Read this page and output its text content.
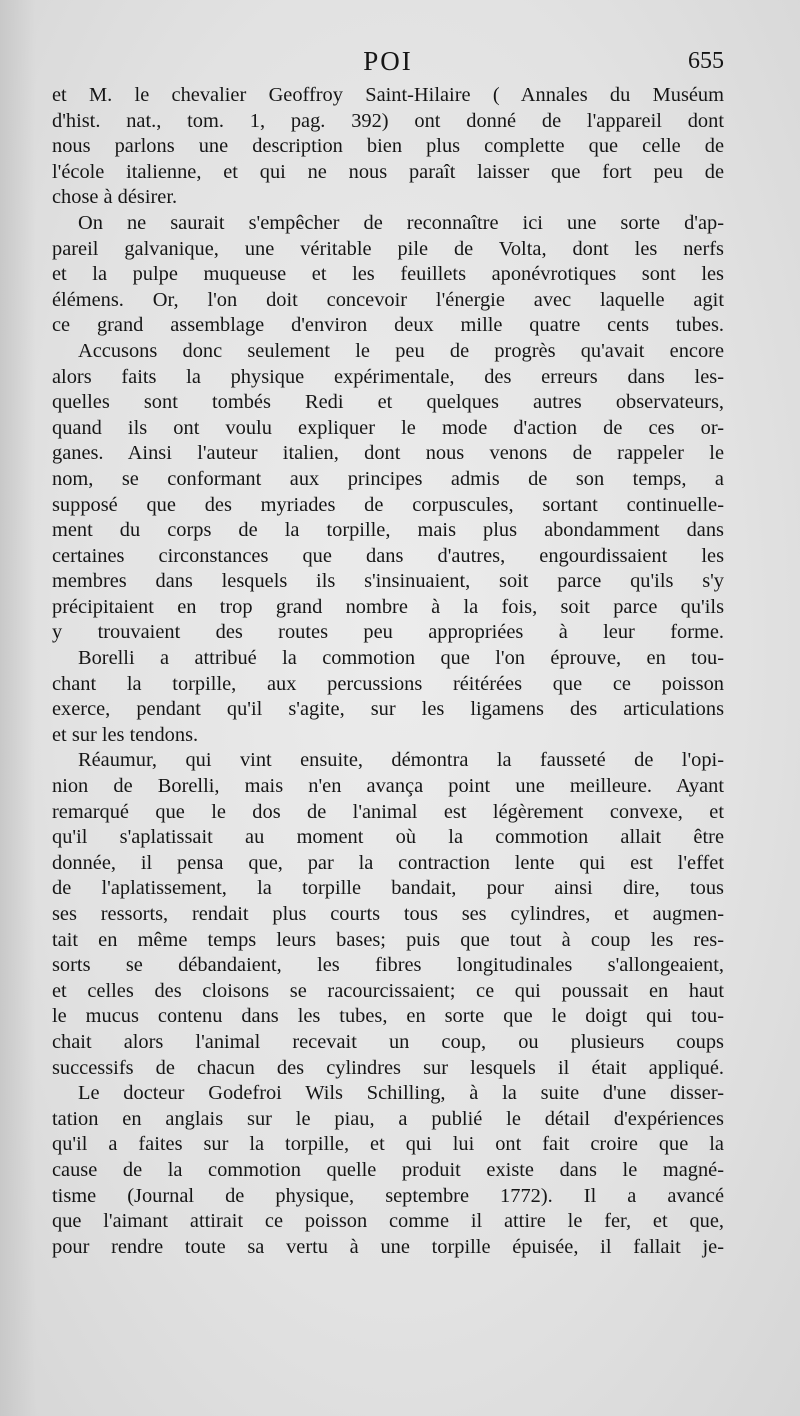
POI	655

et M. le chevalier Geoffroy Saint-Hilaire ( Annales du Muséum
d'hist. nat., tom. 1, pag. 392) ont donné de l'appareil dont
nous parlons une description bien plus complette que celle de
l'école italienne, et qui ne nous paraît laisser que fort peu de
chose à désirer.

On ne saurait s'empêcher de reconnaître ici une sorte d'ap-
pareil galvanique, une véritable pile de Volta, dont les nerfs
et la pulpe muqueuse et les feuillets aponévrotiques sont les
élémens. Or, l'on doit concevoir l'énergie avec laquelle agit
ce grand assemblage d'environ deux mille quatre cents tubes.

Accusons donc seulement le peu de progrès qu'avait encore
alors faits la physique expérimentale, des erreurs dans les-
quelles sont tombés Redi et quelques autres observateurs,
quand ils ont voulu expliquer le mode d'action de ces or-
ganes. Ainsi l'auteur italien, dont nous venons de rappeler le
nom, se conformant aux principes admis de son temps, a
supposé que des myriades de corpuscules, sortant continuelle-
ment du corps de la torpille, mais plus abondamment dans
certaines circonstances que dans d'autres, engourdissaient les
membres dans lesquels ils s'insinuaient, soit parce qu'ils s'y
précipitaient en trop grand nombre à la fois, soit parce qu'ils
y trouvaient des routes peu appropriées à leur forme.

Borelli a attribué la commotion que l'on éprouve, en tou-
chant la torpille, aux percussions réitérées que ce poisson
exerce, pendant qu'il s'agite, sur les ligamens des articulations
et sur les tendons.

Réaumur, qui vint ensuite, démontra la fausseté de l'opi-
nion de Borelli, mais n'en avança point une meilleure. Ayant
remarqué que le dos de l'animal est légèrement convexe, et
qu'il s'aplatissait au moment où la commotion allait être
donnée, il pensa que, par la contraction lente qui est l'effet
de l'aplatissement, la torpille bandait, pour ainsi dire, tous
ses ressorts, rendait plus courts tous ses cylindres, et augmen-
tait en même temps leurs bases; puis que tout à coup les res-
sorts se débandaient, les fibres longitudinales s'allongeaient,
et celles des cloisons se racourcissaient; ce qui poussait en haut
le mucus contenu dans les tubes, en sorte que le doigt qui tou-
chait alors l'animal recevait un coup, ou plusieurs coups
successifs de chacun des cylindres sur lesquels il était appliqué.

Le docteur Godefroi Wils Schilling, à la suite d'une disser-
tation en anglais sur le piau, a publié le détail d'expériences
qu'il a faites sur la torpille, et qui lui ont fait croire que la
cause de la commotion quelle produit existe dans le magné-
tisme (Journal de physique, septembre 1772). Il a avancé
que l'aimant attirait ce poisson comme il attire le fer, et que,
pour rendre toute sa vertu à une torpille épuisée, il fallait je-
